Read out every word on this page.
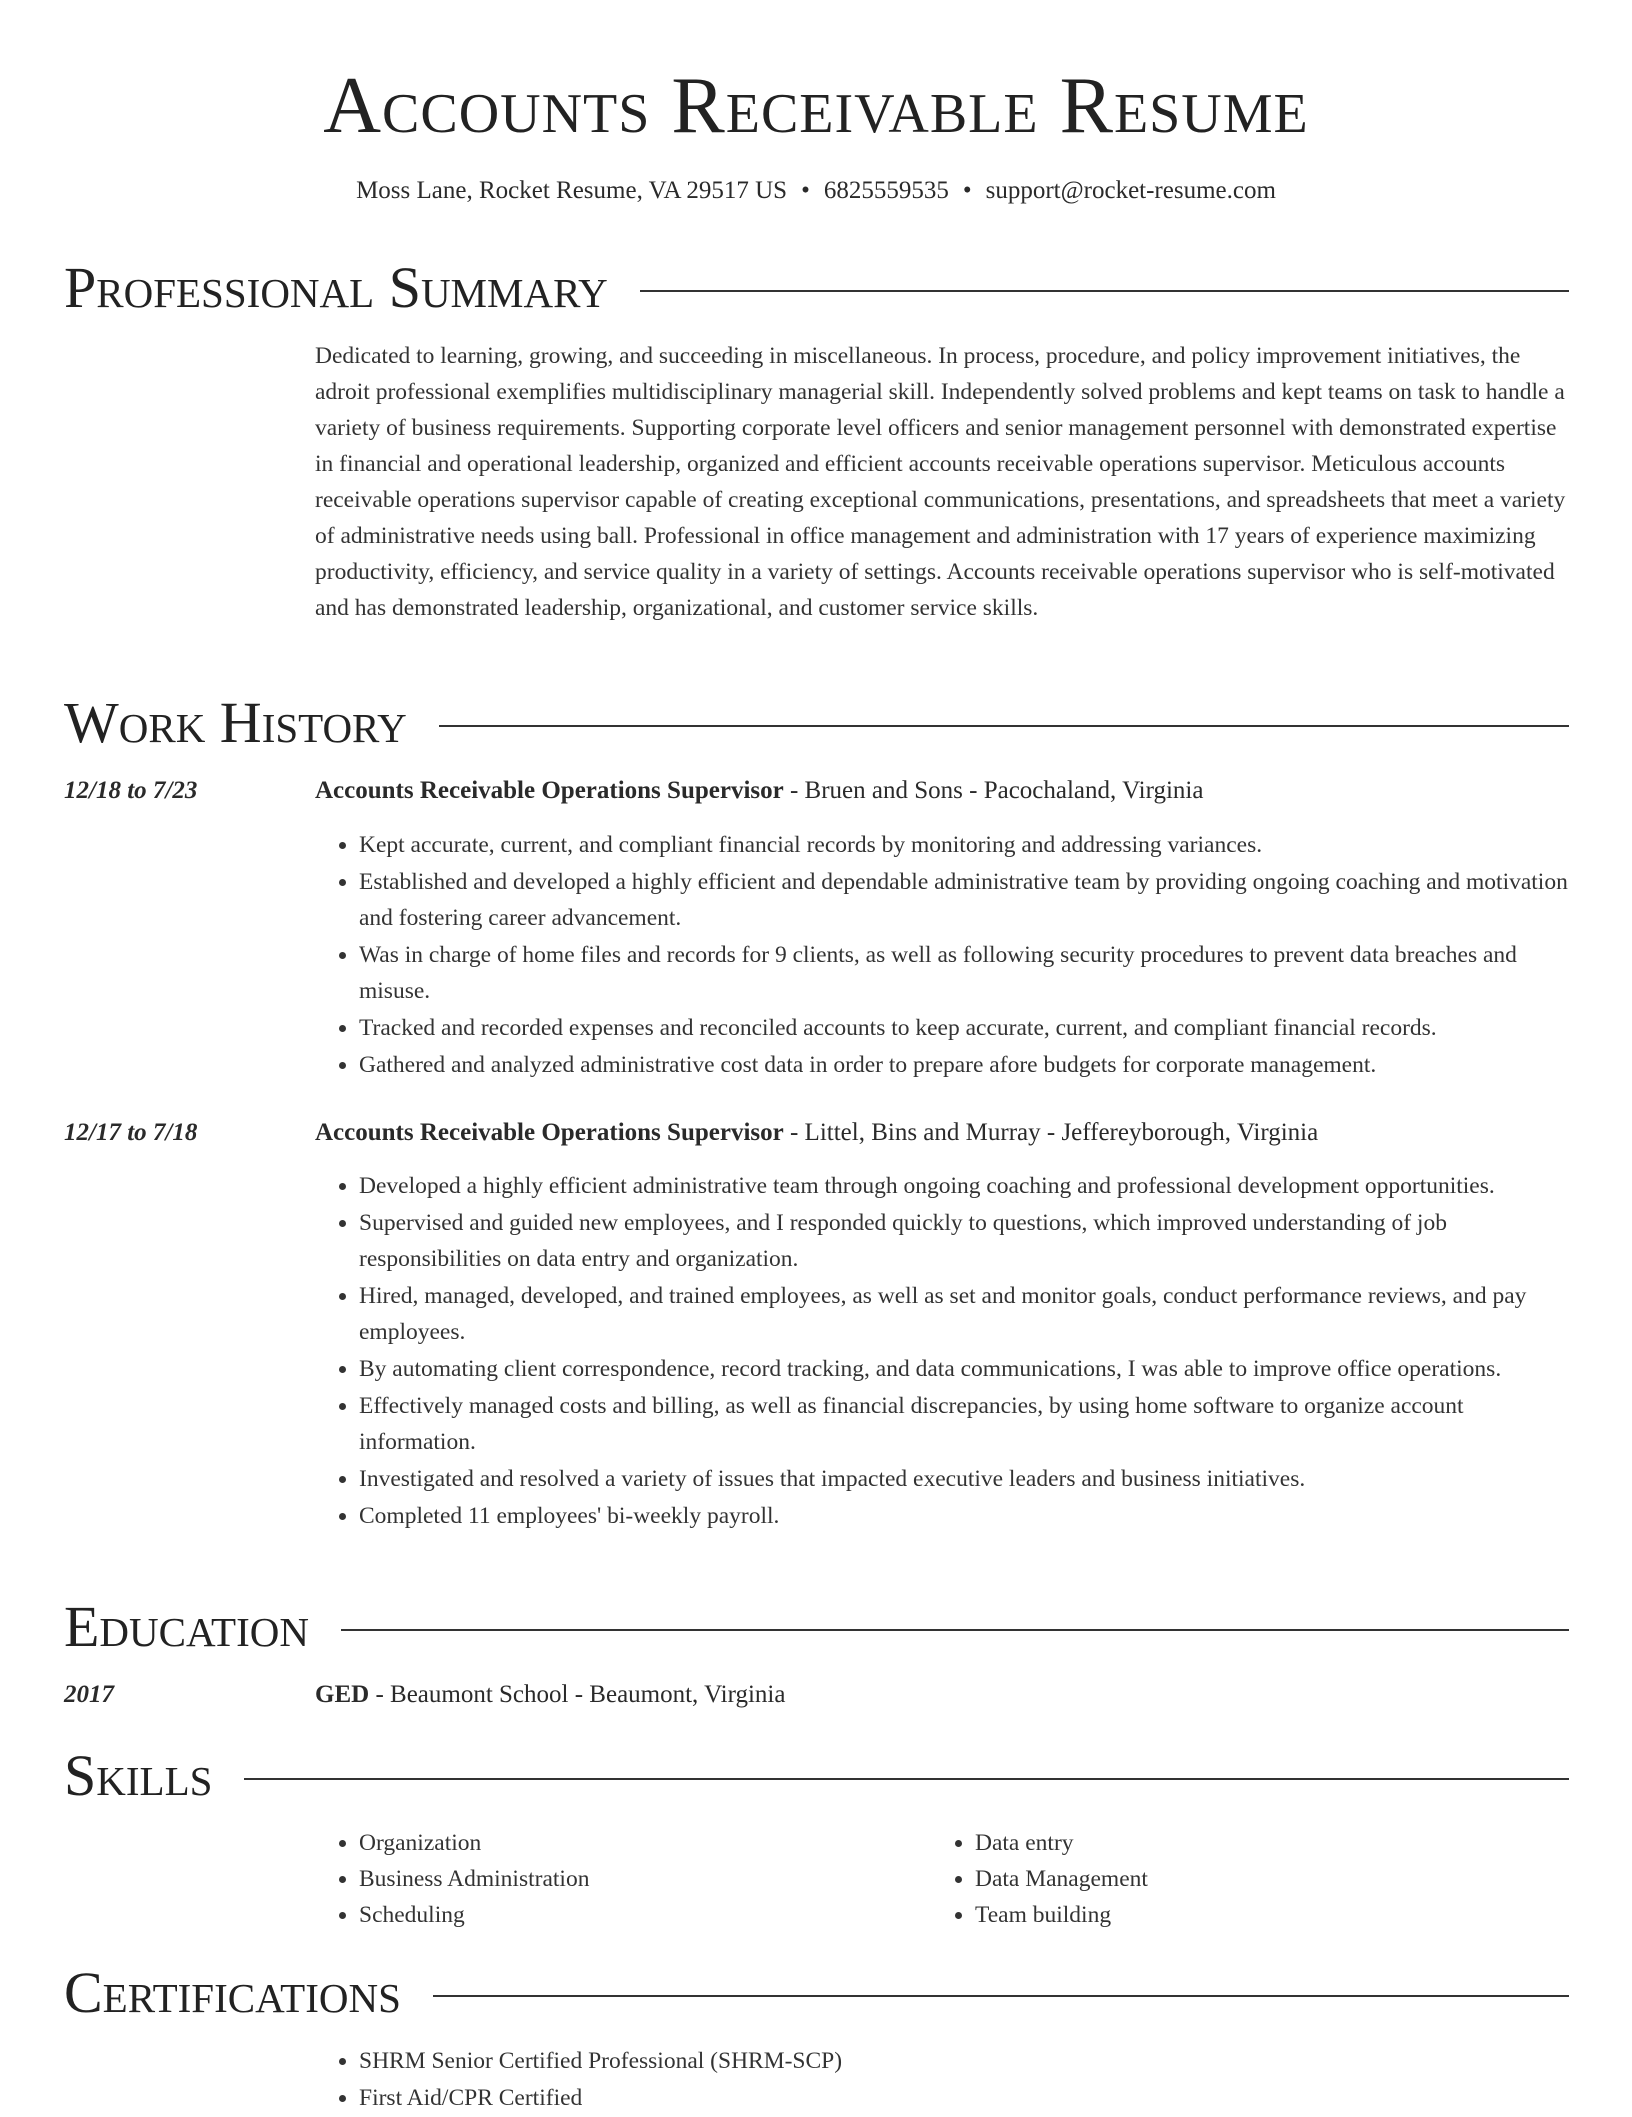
Accounts Receivable Resume
Moss Lane, Rocket Resume, VA 29517 US • 6825559535 • support@rocket-resume.com
Professional Summary

Dedicated to learning, growing, and succeeding in miscellaneous. In process, procedure, and policy improvement initiatives, the adroit professional exemplifies multidisciplinary managerial skill. Independently solved problems and kept teams on task to handle a variety of business requirements. Supporting corporate level officers and senior management personnel with demonstrated expertise in financial and operational leadership, organized and efficient accounts receivable operations supervisor. Meticulous accounts receivable operations supervisor capable of creating exceptional communications, presentations, and spreadsheets that meet a variety of administrative needs using ball. Professional in office management and administration with 17 years of experience maximizing productivity, efficiency, and service quality in a variety of settings. Accounts receivable operations supervisor who is self-motivated and has demonstrated leadership, organizational, and customer service skills.

Work History
12/18 to 7/23	Accounts Receivable Operations Supervisor - Bruen and Sons - Pacochaland, Virginia
• Kept accurate, current, and compliant financial records by monitoring and addressing variances.
• Established and developed a highly efficient and dependable administrative team by providing ongoing coaching and motivation and fostering career advancement.
• Was in charge of home files and records for 9 clients, as well as following security procedures to prevent data breaches and misuse.
• Tracked and recorded expenses and reconciled accounts to keep accurate, current, and compliant financial records.
• Gathered and analyzed administrative cost data in order to prepare afore budgets for corporate management.
12/17 to 7/18	Accounts Receivable Operations Supervisor - Littel, Bins and Murray - Jeffereyborough, Virginia
• Developed a highly efficient administrative team through ongoing coaching and professional development opportunities.
• Supervised and guided new employees, and I responded quickly to questions, which improved understanding of job responsibilities on data entry and organization.
• Hired, managed, developed, and trained employees, as well as set and monitor goals, conduct performance reviews, and pay employees.
• By automating client correspondence, record tracking, and data communications, I was able to improve office operations.
• Effectively managed costs and billing, as well as financial discrepancies, by using home software to organize account information.
• Investigated and resolved a variety of issues that impacted executive leaders and business initiatives.
• Completed 11 employees' bi-weekly payroll.
Education
2017	GED - Beaumont School - Beaumont, Virginia
Skills
• Organization
• Business Administration
• Scheduling
• Data entry
• Data Management
• Team building
Certifications
• SHRM Senior Certified Professional (SHRM-SCP)
• First Aid/CPR Certified
